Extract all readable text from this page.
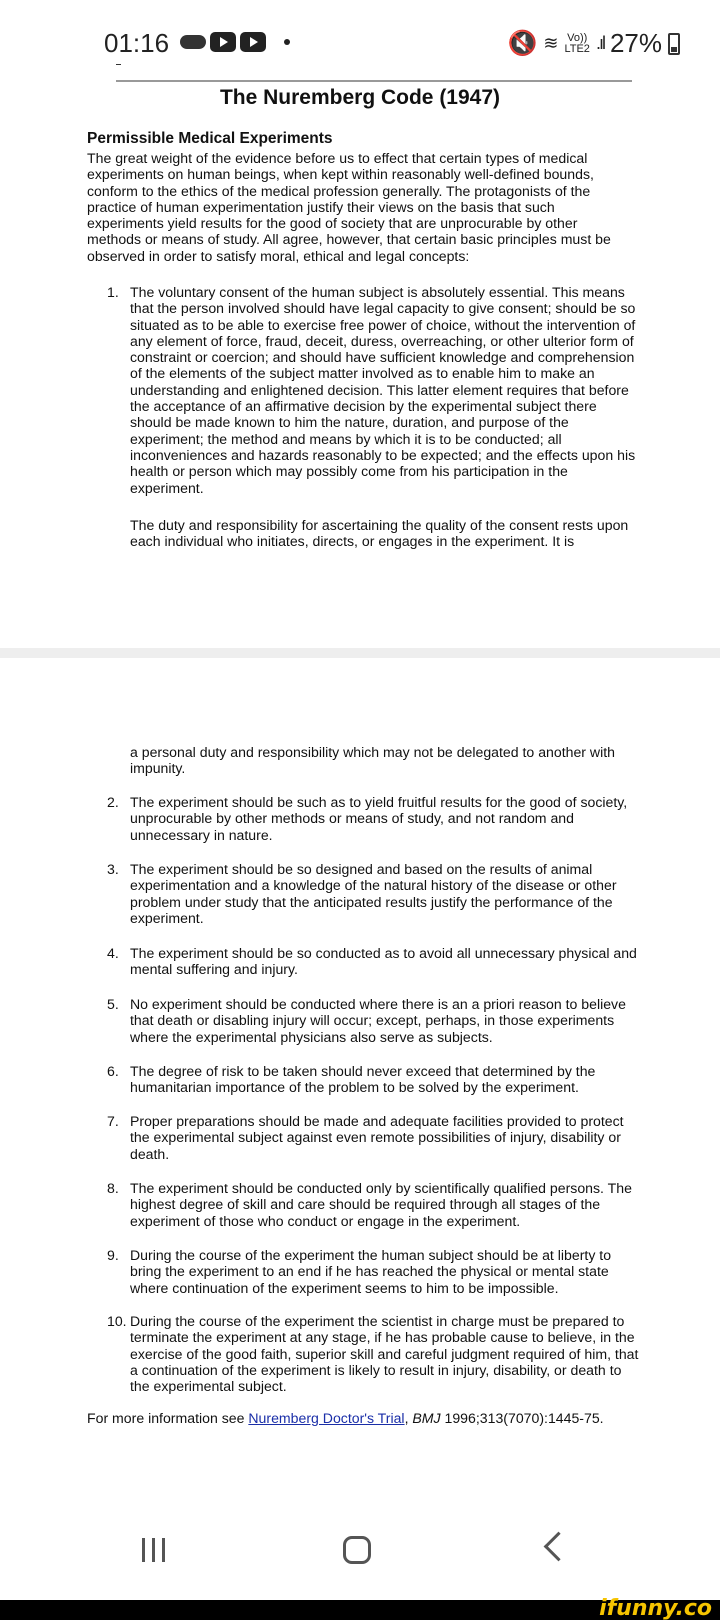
01:16	🔇 ≋ Vo))
LTE2 .ıl 27%
The Nuremberg Code (1947)
Permissible Medical Experiments
The great weight of the evidence before us to effect that certain types of medical experiments on human beings, when kept within reasonably well-defined bounds, conform to the ethics of the medical profession generally. The protagonists of the practice of human experimentation justify their views on the basis that such experiments yield results for the good of society that are unprocurable by other methods or means of study. All agree, however, that certain basic principles must be observed in order to satisfy moral, ethical and legal concepts:
1. The voluntary consent of the human subject is absolutely essential. This means that the person involved should have legal capacity to give consent; should be so situated as to be able to exercise free power of choice, without the intervention of any element of force, fraud, deceit, duress, overreaching, or other ulterior form of constraint or coercion; and should have sufficient knowledge and comprehension of the elements of the subject matter involved as to enable him to make an understanding and enlightened decision. This latter element requires that before the acceptance of an affirmative decision by the experimental subject there should be made known to him the nature, duration, and purpose of the experiment; the method and means by which it is to be conducted; all inconveniences and hazards reasonably to be expected; and the effects upon his health or person which may possibly come from his participation in the experiment.
The duty and responsibility for ascertaining the quality of the consent rests upon each individual who initiates, directs, or engages in the experiment. It is
a personal duty and responsibility which may not be delegated to another with impunity.
2. The experiment should be such as to yield fruitful results for the good of society, unprocurable by other methods or means of study, and not random and unnecessary in nature.
3. The experiment should be so designed and based on the results of animal experimentation and a knowledge of the natural history of the disease or other problem under study that the anticipated results justify the performance of the experiment.
4. The experiment should be so conducted as to avoid all unnecessary physical and mental suffering and injury.
5. No experiment should be conducted where there is an a priori reason to believe that death or disabling injury will occur; except, perhaps, in those experiments where the experimental physicians also serve as subjects.
6. The degree of risk to be taken should never exceed that determined by the humanitarian importance of the problem to be solved by the experiment.
7. Proper preparations should be made and adequate facilities provided to protect the experimental subject against even remote possibilities of injury, disability or death.
8. The experiment should be conducted only by scientifically qualified persons. The highest degree of skill and care should be required through all stages of the experiment of those who conduct or engage in the experiment.
9. During the course of the experiment the human subject should be at liberty to bring the experiment to an end if he has reached the physical or mental state where continuation of the experiment seems to him to be impossible.
10. During the course of the experiment the scientist in charge must be prepared to terminate the experiment at any stage, if he has probable cause to believe, in the exercise of the good faith, superior skill and careful judgment required of him, that a continuation of the experiment is likely to result in injury, disability, or death to the experimental subject.
For more information see Nuremberg Doctor's Trial, BMJ 1996;313(7070):1445-75.
ifunny.co
